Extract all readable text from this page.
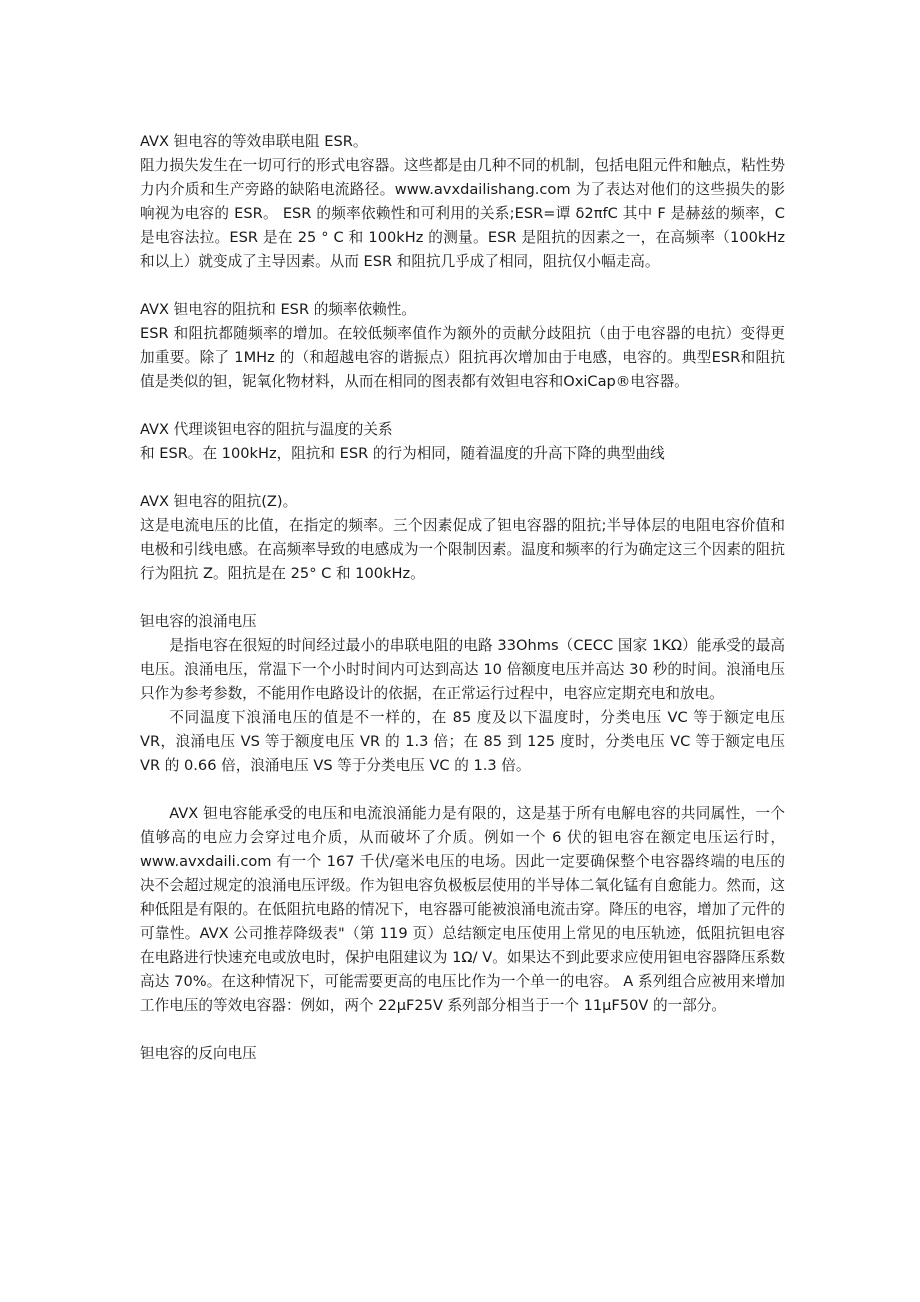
AVX 钽电容的等效串联电阻 ESR。

阻力损失发生在一切可行的形式电容器。这些都是由几种不同的机制，包括电阻元件和触点，粘性势力内介质和生产旁路的缺陷电流路径。www.avxdailishang.com 为了表达对他们的这些损失的影响视为电容的 ESR。 ESR 的频率依赖性和可利用的关系;ESR=谭 δ2πfC 其中 F 是赫兹的频率，C 是电容法拉。ESR 是在 25 ° C 和 100kHz 的测量。ESR 是阻抗的因素之一，在高频率（100kHz 和以上）就变成了主导因素。从而 ESR 和阻抗几乎成了相同，阻抗仅小幅走高。

AVX 钽电容的阻抗和 ESR 的频率依赖性。

ESR 和阻抗都随频率的增加。在较低频率值作为额外的贡献分歧阻抗（由于电容器的电抗）变得更加重要。除了 1MHz 的（和超越电容的谐振点）阻抗再次增加由于电感，电容的。典型ESR和阻抗值是类似的钽，铌氧化物材料，从而在相同的图表都有效钽电容和OxiCap®电容器。

AVX 代理谈钽电容的阻抗与温度的关系

和 ESR。在 100kHz，阻抗和 ESR 的行为相同，随着温度的升高下降的典型曲线

AVX 钽电容的阻抗(Z)。

这是电流电压的比值，在指定的频率。三个因素促成了钽电容器的阻抗;半导体层的电阻电容价值和电极和引线电感。在高频率导致的电感成为一个限制因素。温度和频率的行为确定这三个因素的阻抗行为阻抗 Z。阻抗是在 25° C 和 100kHz。

钽电容的浪涌电压

是指电容在很短的时间经过最小的串联电阻的电路 33Ohms（CECC 国家 1KΩ）能承受的最高电压。浪涌电压，常温下一个小时时间内可达到高达 10 倍额度电压并高达 30 秒的时间。浪涌电压只作为参考参数，不能用作电路设计的依据，在正常运行过程中，电容应定期充电和放电。

不同温度下浪涌电压的值是不一样的，在 85 度及以下温度时，分类电压 VC 等于额定电压 VR，浪涌电压 VS 等于额度电压 VR 的 1.3 倍；在 85 到 125 度时，分类电压 VC 等于额定电压 VR 的 0.66 倍，浪涌电压 VS 等于分类电压 VC 的 1.3 倍。

AVX 钽电容能承受的电压和电流浪涌能力是有限的，这是基于所有电解电容的共同属性，一个值够高的电应力会穿过电介质，从而破坏了介质。例如一个 6 伏的钽电容在额定电压运行时，www.avxdaili.com 有一个 167 千伏/毫米电压的电场。因此一定要确保整个电容器终端的电压的决不会超过规定的浪涌电压评级。作为钽电容负极板层使用的半导体二氧化锰有自愈能力。然而，这种低阻是有限的。在低阻抗电路的情况下，电容器可能被浪涌电流击穿。降压的电容，增加了元件的可靠性。AVX 公司推荐降级表"（第 119 页）总结额定电压使用上常见的电压轨迹，低阻抗钽电容在电路进行快速充电或放电时，保护电阻建议为 1Ω/ V。如果达不到此要求应使用钽电容器降压系数高达 70%。在这种情况下，可能需要更高的电压比作为一个单一的电容。 A 系列组合应被用来增加工作电压的等效电容器：例如，两个 22μF25V 系列部分相当于一个 11μF50V 的一部分。

钽电容的反向电压
